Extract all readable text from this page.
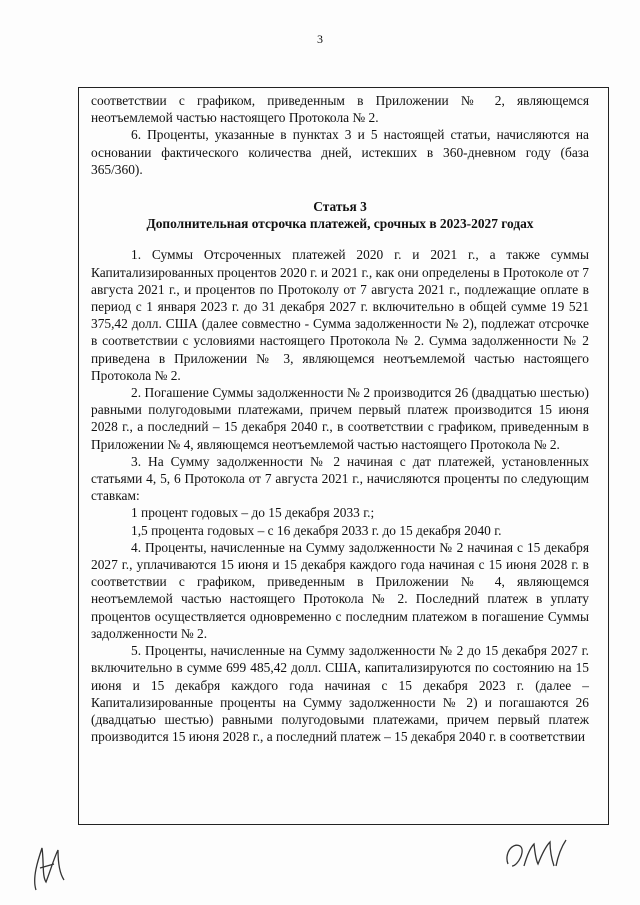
3

соответствии с графиком, приведенным в Приложении № 2, являющемся неотъемлемой частью настоящего Протокола № 2.

6. Проценты, указанные в пунктах 3 и 5 настоящей статьи, начисляются на основании фактического количества дней, истекших в 360-дневном году (база 365/360).

Статья 3
Дополнительная отсрочка платежей, срочных в 2023-2027 годах

1. Суммы Отсроченных платежей 2020 г. и 2021 г., а также суммы Капитализированных процентов 2020 г. и 2021 г., как они определены в Протоколе от 7 августа 2021 г., и процентов по Протоколу от 7 августа 2021 г., подлежащие оплате в период с 1 января 2023 г. до 31 декабря 2027 г. включительно в общей сумме 19 521 375,42 долл. США (далее совместно - Сумма задолженности № 2), подлежат отсрочке в соответствии с условиями настоящего Протокола № 2. Сумма задолженности № 2 приведена в Приложении № 3, являющемся неотъемлемой частью настоящего Протокола № 2.

2. Погашение Суммы задолженности № 2 производится 26 (двадцатью шестью) равными полугодовыми платежами, причем первый платеж производится 15 июня 2028 г., а последний – 15 декабря 2040 г., в соответствии с графиком, приведенным в Приложении № 4, являющемся неотъемлемой частью настоящего Протокола № 2.

3. На Сумму задолженности № 2 начиная с дат платежей, установленных статьями 4, 5, 6 Протокола от 7 августа 2021 г., начисляются проценты по следующим ставкам:

1 процент годовых – до 15 декабря 2033 г.;

1,5 процента годовых – с 16 декабря 2033 г. до 15 декабря 2040 г.

4. Проценты, начисленные на Сумму задолженности № 2 начиная с 15 декабря 2027 г., уплачиваются 15 июня и 15 декабря каждого года начиная с 15 июня 2028 г. в соответствии с графиком, приведенным в Приложении № 4, являющемся неотъемлемой частью настоящего Протокола № 2. Последний платеж в уплату процентов осуществляется одновременно с последним платежом в погашение Суммы задолженности № 2.

5. Проценты, начисленные на Сумму задолженности № 2 до 15 декабря 2027 г. включительно в сумме 699 485,42 долл. США, капитализируются по состоянию на 15 июня и 15 декабря каждого года начиная с 15 декабря 2023 г. (далее – Капитализированные проценты на Сумму задолженности № 2) и погашаются 26 (двадцатью шестью) равными полугодовыми платежами, причем первый платеж производится 15 июня 2028 г., а последний платеж – 15 декабря 2040 г. в соответствии
